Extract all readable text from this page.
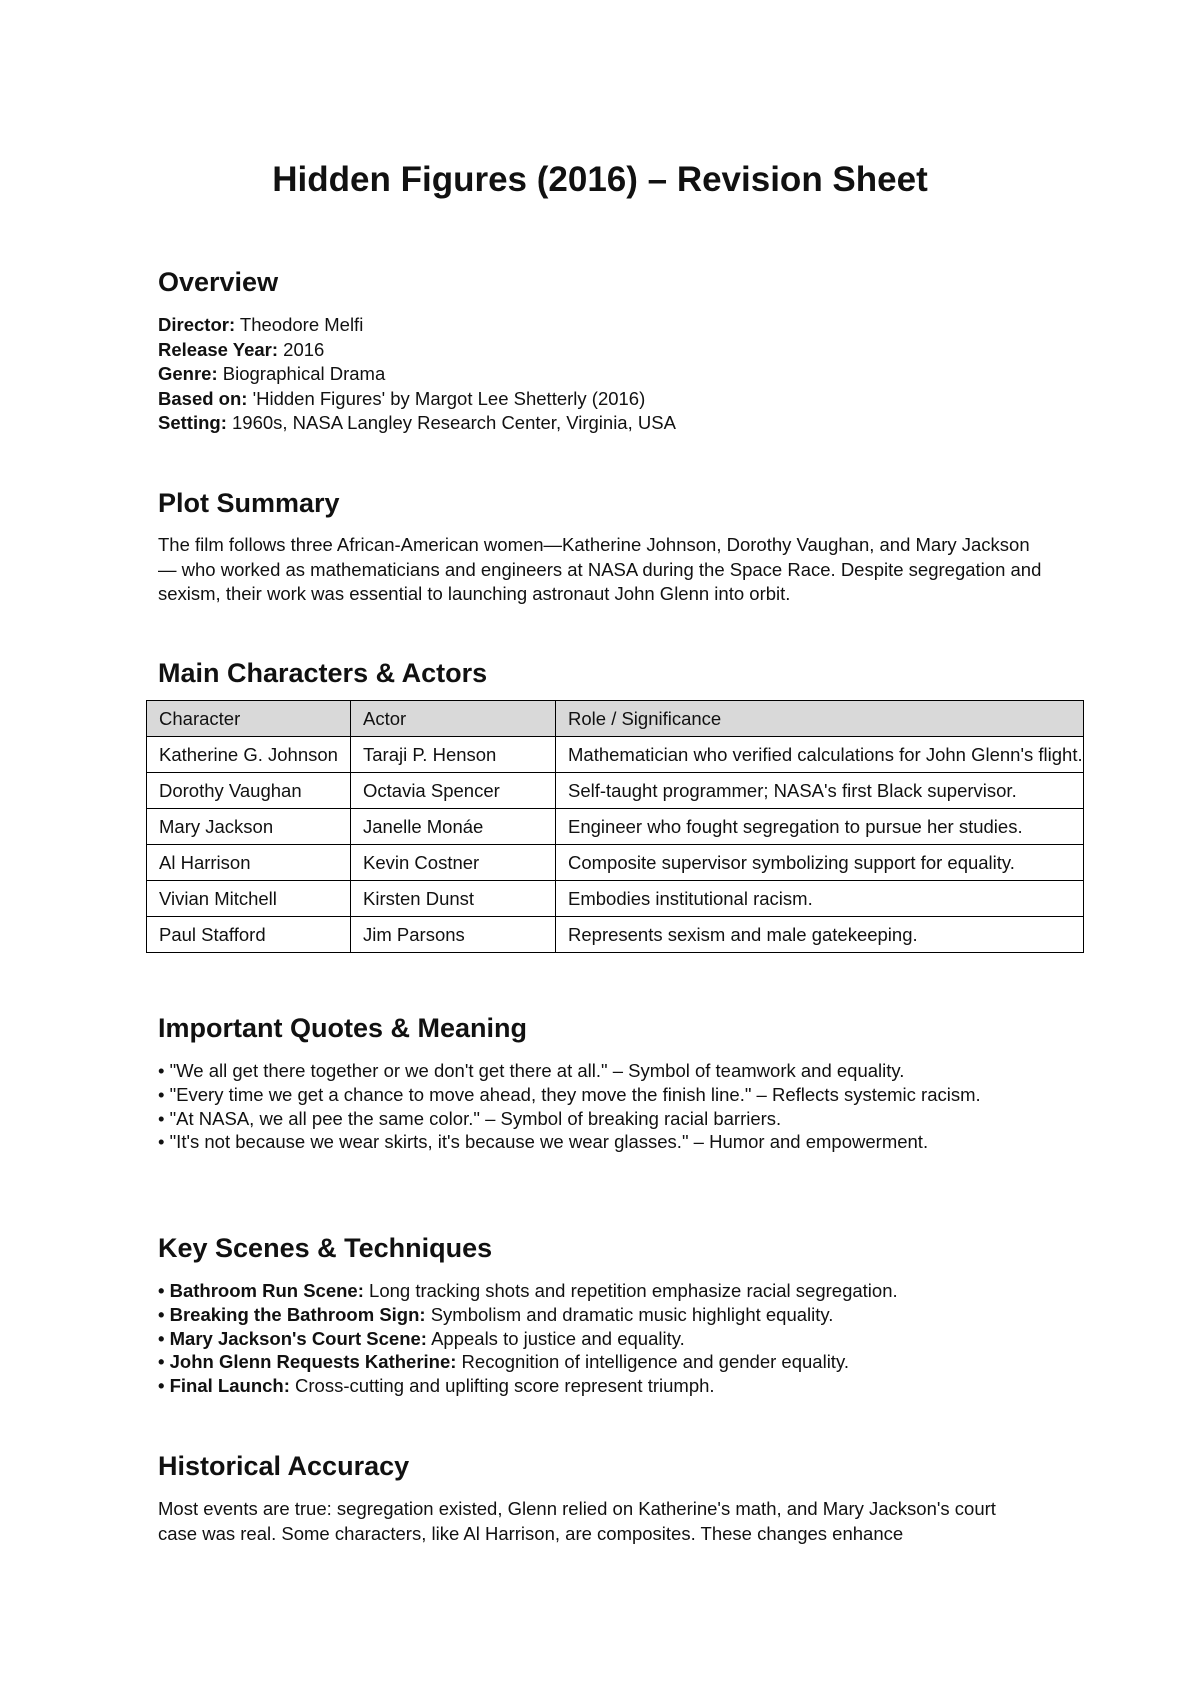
Hidden Figures (2016) – Revision Sheet
Overview
Director: Theodore Melfi
Release Year: 2016
Genre: Biographical Drama
Based on: 'Hidden Figures' by Margot Lee Shetterly (2016)
Setting: 1960s, NASA Langley Research Center, Virginia, USA
Plot Summary

The film follows three African-American women—Katherine Johnson, Dorothy Vaughan, and Mary Jackson— who worked as mathematicians and engineers at NASA during the Space Race. Despite segregation and sexism, their work was essential to launching astronaut John Glenn into orbit.

Main Characters & Actors
Character	Actor	Role / Significance
Katherine G. Johnson	Taraji P. Henson	Mathematician who verified calculations for John Glenn's flight.
Dorothy Vaughan	Octavia Spencer	Self-taught programmer; NASA's first Black supervisor.
Mary Jackson	Janelle Monáe	Engineer who fought segregation to pursue her studies.
Al Harrison	Kevin Costner	Composite supervisor symbolizing support for equality.
Vivian Mitchell	Kirsten Dunst	Embodies institutional racism.
Paul Stafford	Jim Parsons	Represents sexism and male gatekeeping.
Important Quotes & Meaning
• "We all get there together or we don't get there at all." – Symbol of teamwork and equality.
• "Every time we get a chance to move ahead, they move the finish line." – Reflects systemic racism.
• "At NASA, we all pee the same color." – Symbol of breaking racial barriers.
• "It's not because we wear skirts, it's because we wear glasses." – Humor and empowerment.
Key Scenes & Techniques
• Bathroom Run Scene: Long tracking shots and repetition emphasize racial segregation.
• Breaking the Bathroom Sign: Symbolism and dramatic music highlight equality.
• Mary Jackson's Court Scene: Appeals to justice and equality.
• John Glenn Requests Katherine: Recognition of intelligence and gender equality.
• Final Launch: Cross-cutting and uplifting score represent triumph.
Historical Accuracy

Most events are true: segregation existed, Glenn relied on Katherine's math, and Mary Jackson's court case was real. Some characters, like Al Harrison, are composites. These changes enhance
